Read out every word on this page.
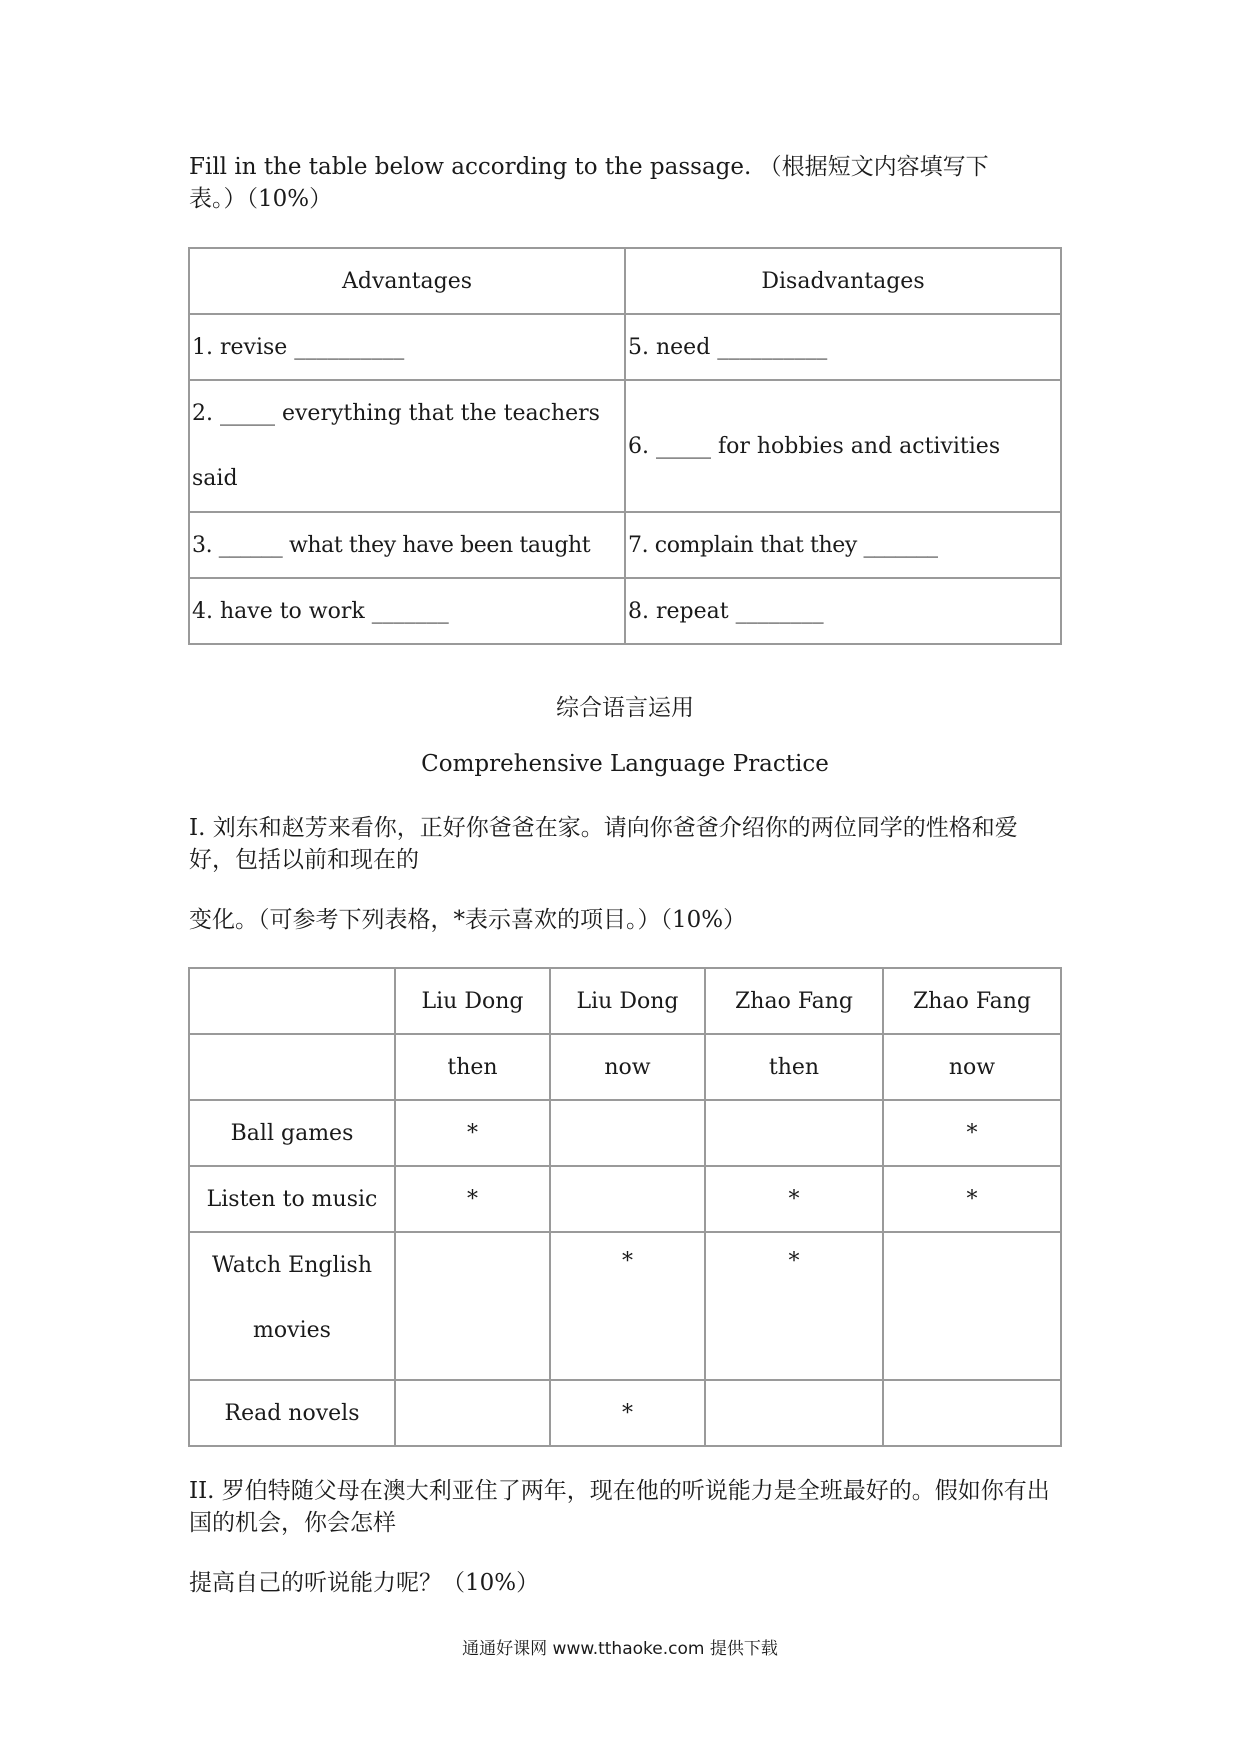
Fill in the table below according to the passage. （根据短文内容填写下

表。）（10%）

Advantages	Disadvantages
1. revise __________	5. need __________
2. _____ everything that the teachers said	6. _____ for hobbies and activities
3. ______ what they have been taught	7. complain that they _______
4. have to work _______	8. repeat ________

综合语言运用

Comprehensive Language Practice

I. 刘东和赵芳来看你，正好你爸爸在家。请向你爸爸介绍你的两位同学的性格和爱好，包括以前和现在的

变化。（可参考下列表格，*表示喜欢的项目。）（10%）

	Liu Dong	Liu Dong	Zhao Fang	Zhao Fang
	then	now	then	now
Ball games	*			*
Listen to music	*		*	*
Watch English movies		*	*	
Read novels		*		

II. 罗伯特随父母在澳大利亚住了两年，现在他的听说能力是全班最好的。假如你有出国的机会，你会怎样

提高自己的听说能力呢？（10%）

通通好课网 www.tthaoke.com 提供下载
